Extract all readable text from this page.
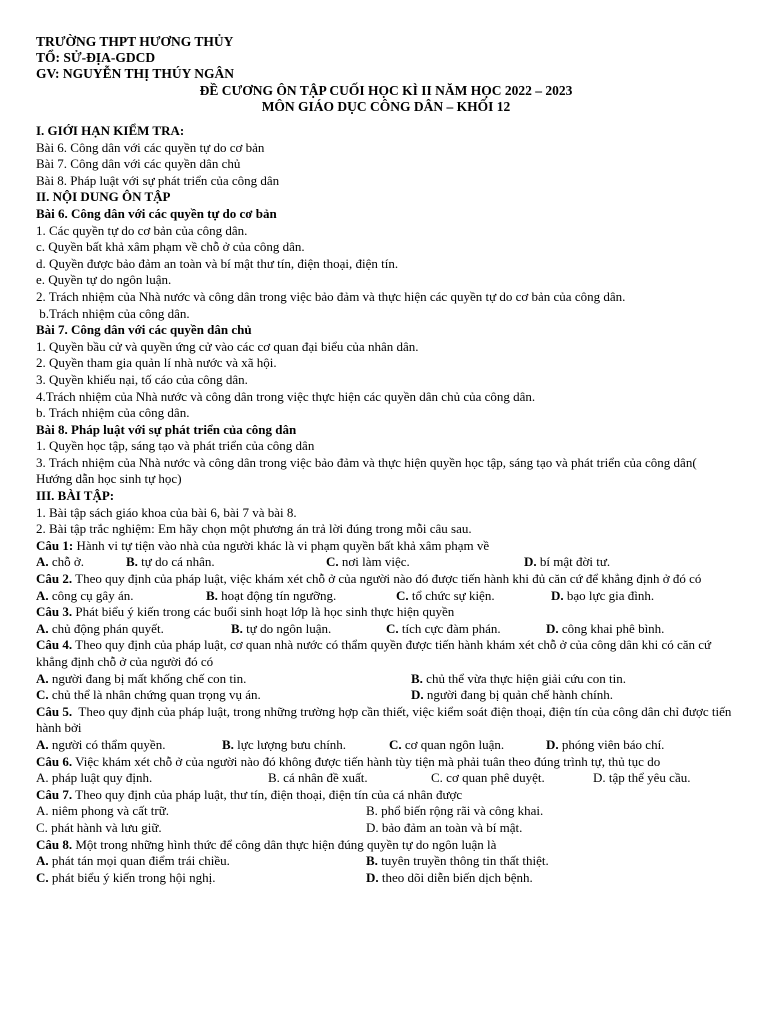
TRƯỜNG THPT HƯƠNG THỦY
TỔ: SỬ-ĐỊA-GDCD
GV: NGUYỄN THỊ THÚY NGÂN
ĐỀ CƯƠNG ÔN TẬP CUỐI HỌC KÌ II NĂM HỌC 2022 – 2023
MÔN GIÁO DỤC CÔNG DÂN – KHỐI 12
I. GIỚI HẠN KIỂM TRA:
Bài 6. Công dân với các quyền tự do cơ bản
Bài 7. Công dân với các quyền dân chủ
Bài 8. Pháp luật với sự phát triển của công dân
II. NỘI DUNG ÔN TẬP
Bài 6. Công dân với các quyền tự do cơ bản
1. Các quyền tự do cơ bản của công dân.
c. Quyền bất khả xâm phạm về chỗ ở của công dân.
d. Quyền được bảo đảm an toàn và bí mật thư tín, điện thoại, điện tín.
e. Quyền tự do ngôn luận.
2. Trách nhiệm của Nhà nước và công dân trong việc bảo đảm và thực hiện các quyền tự do cơ bản của công dân.
b.Trách nhiệm của công dân.
Bài 7. Công dân với các quyền dân chủ
1. Quyền bầu cử và quyền ứng cử vào các cơ quan đại biểu của nhân dân.
2. Quyền tham gia quản lí nhà nước và xã hội.
3. Quyền khiếu nại, tố cáo của công dân.
4.Trách nhiệm của Nhà nước và công dân trong việc thực hiện các quyền dân chủ của công dân.
b. Trách nhiệm của công dân.
Bài 8. Pháp luật với sự phát triển của công dân
1. Quyền học tập, sáng tạo và phát triển của công dân
3. Trách nhiệm của Nhà nước và công dân trong việc bảo đảm và thực hiện quyền học tập, sáng tạo và phát triển của công dân( Hướng dẫn học sinh tự học)
III. BÀI TẬP:
1. Bài tập sách giáo khoa của bài 6, bài 7 và bài 8.
2. Bài tập trắc nghiệm: Em hãy chọn một phương án trả lời đúng trong mỗi câu sau.
Câu 1: Hành vi tự tiện vào nhà của người khác là vi phạm quyền bất khả xâm phạm về
A. chỗ ở.	B. tự do cá nhân.	C. nơi làm việc.	D. bí mật đời tư.
Câu 2. Theo quy định của pháp luật, việc khám xét chỗ ở của người nào đó được tiến hành khi đủ căn cứ để khẳng định ở đó có
A. công cụ gây án.	B. hoạt động tín ngưỡng.	C. tổ chức sự kiện.	D. bạo lực gia đình.
Câu 3. Phát biểu ý kiến trong các buổi sinh hoạt lớp là học sinh thực hiện quyền
A. chủ động phán quyết.	B. tự do ngôn luận.	C. tích cực đàm phán.	D. công khai phê bình.
Câu 4. Theo quy định của pháp luật, cơ quan nhà nước có thẩm quyền được tiến hành khám xét chỗ ở của công dân khi có căn cứ khẳng định chỗ ở của người đó có
A. người đang bị mất khống chế con tin.	B. chủ thể vừa thực hiện giải cứu con tin.
C. chủ thể là nhân chứng quan trọng vụ án.	D. người đang bị quản chế hành chính.
Câu 5.  Theo quy định của pháp luật, trong những trường hợp cần thiết, việc kiểm soát điện thoại, điện tín của công dân chỉ được tiến hành bởi
A. người có thẩm quyền.	B. lực lượng bưu chính.	C. cơ quan ngôn luận.	D. phóng viên báo chí.
Câu 6. Việc khám xét chỗ ở của người nào đó không được tiến hành tùy tiện mà phải tuân theo đúng trình tự, thủ tục do
A. pháp luật quy định.	B. cá nhân đề xuất.	C. cơ quan phê duyệt.	D. tập thể yêu cầu.
Câu 7. Theo quy định của pháp luật, thư tín, điện thoại, điện tín của cá nhân được
A. niêm phong và cất trữ.	B. phổ biến rộng rãi và công khai.
C. phát hành và lưu giữ.	D. bảo đảm an toàn và bí mật.
Câu 8. Một trong những hình thức để công dân thực hiện đúng quyền tự do ngôn luận là
A. phát tán mọi quan điểm trái chiều.	B. tuyên truyền thông tin thất thiệt.
C. phát biểu ý kiến trong hội nghị.	D. theo dõi diễn biến dịch bệnh.
